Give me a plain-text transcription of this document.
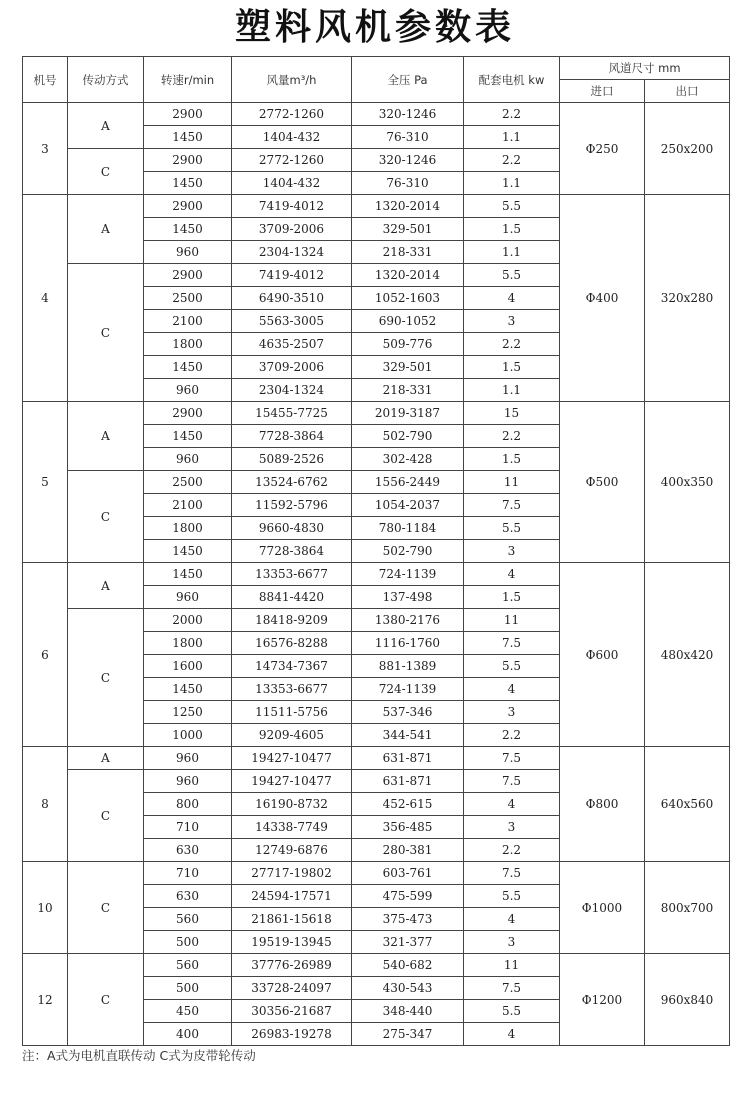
塑料风机参数表
机号	传动方式	转速r/min	风量m³/h	全压 Pa	配套电机 kw	风道尺寸 mm	
						进口	出口
3	A	2900	2772-1260	320-1246	2.2	Φ250	250x200
		1450	1404-432	76-310	1.1		
	C	2900	2772-1260	320-1246	2.2		
		1450	1404-432	76-310	1.1		
4	A	2900	7419-4012	1320-2014	5.5	Φ400	320x280
		1450	3709-2006	329-501	1.5		
		960	2304-1324	218-331	1.1		
	C	2900	7419-4012	1320-2014	5.5		
		2500	6490-3510	1052-1603	4		
		2100	5563-3005	690-1052	3		
		1800	4635-2507	509-776	2.2		
		1450	3709-2006	329-501	1.5		
		960	2304-1324	218-331	1.1		
5	A	2900	15455-7725	2019-3187	15	Φ500	400x350
		1450	7728-3864	502-790	2.2		
		960	5089-2526	302-428	1.5		
	C	2500	13524-6762	1556-2449	11		
		2100	11592-5796	1054-2037	7.5		
		1800	9660-4830	780-1184	5.5		
		1450	7728-3864	502-790	3		
6	A	1450	13353-6677	724-1139	4	Φ600	480x420
		960	8841-4420	137-498	1.5		
	C	2000	18418-9209	1380-2176	11		
		1800	16576-8288	1116-1760	7.5		
		1600	14734-7367	881-1389	5.5		
		1450	13353-6677	724-1139	4		
		1250	11511-5756	537-346	3		
		1000	9209-4605	344-541	2.2		
8	A	960	19427-10477	631-871	7.5	Φ800	640x560
	C	960	19427-10477	631-871	7.5		
		800	16190-8732	452-615	4		
		710	14338-7749	356-485	3		
		630	12749-6876	280-381	2.2		
10	C	710	27717-19802	603-761	7.5	Φ1000	800x700
		630	24594-17571	475-599	5.5		
		560	21861-15618	375-473	4		
		500	19519-13945	321-377	3		
12	C	560	37776-26989	540-682	11	Φ1200	960x840
		500	33728-24097	430-543	7.5		
		450	30356-21687	348-440	5.5		
		400	26983-19278	275-347	4		
注：A式为电机直联传动 C式为皮带轮传动
